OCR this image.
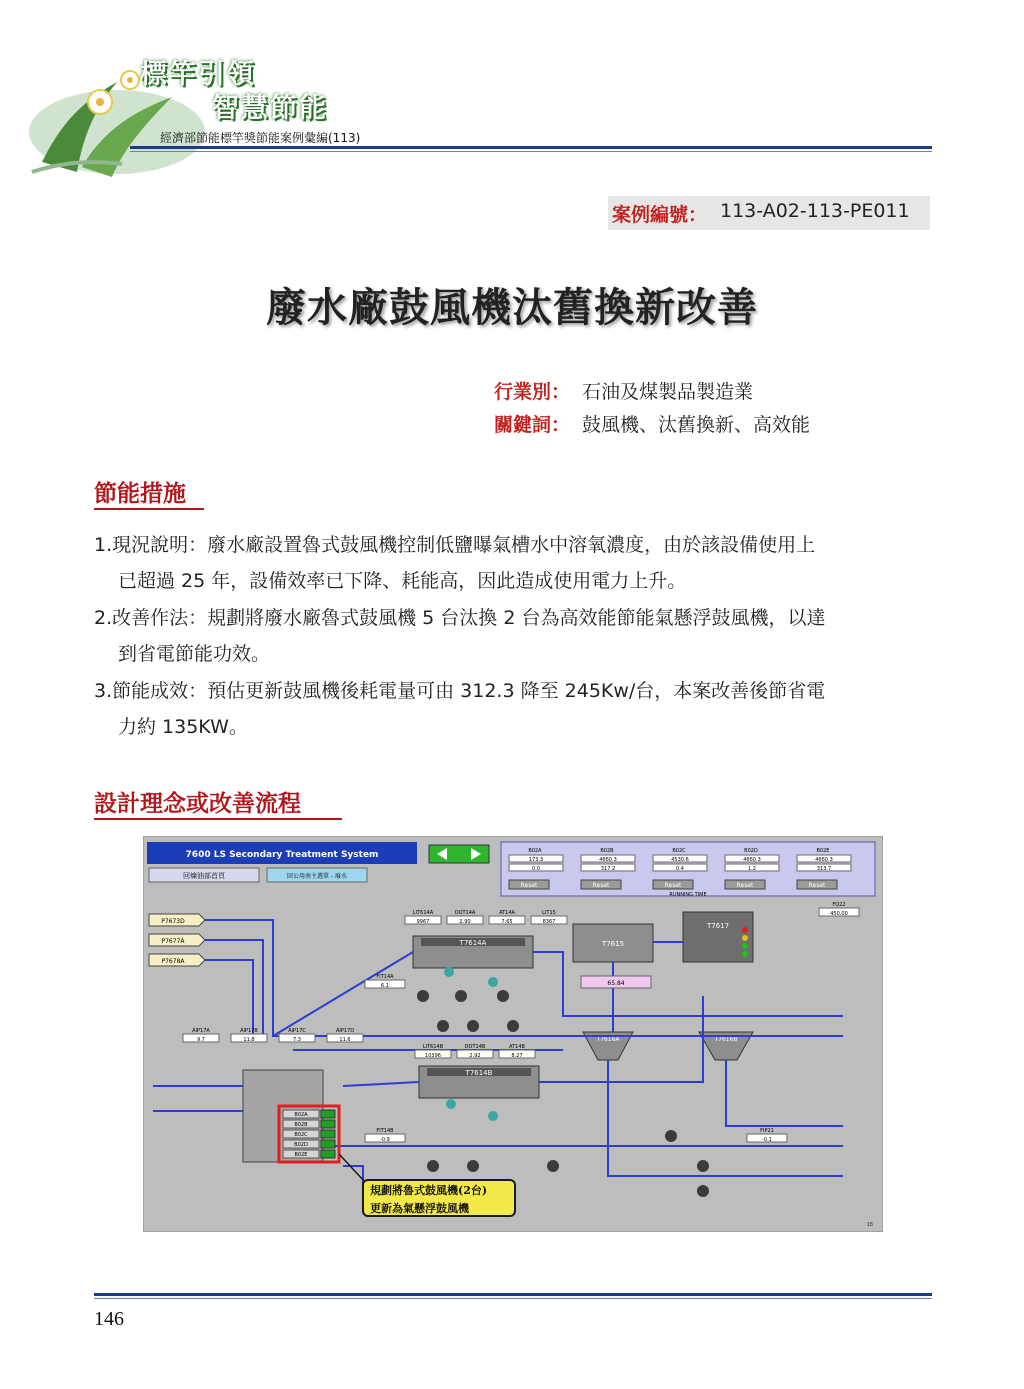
標竿引領
智慧節能
經濟部節能標竿獎節能案例彙編(113)
案例編號： 113-A02-113-PE011
廢水廠鼓風機汰舊換新改善
行業別： 石油及煤製品製造業
關鍵詞： 鼓風機、汰舊換新、高效能
節能措施
1.現況說明：廢水廠設置魯式鼓風機控制低鹽曝氣槽水中溶氧濃度，由於該設備使用上
已超過 25 年，設備效率已下降、耗能高，因此造成使用電力上升。
2.改善作法：規劃將廢水廠魯式鼓風機 5 台汰換 2 台為高效能節能氣懸浮鼓風機，以達
到省電節能功效。
3.節能成效：預估更新鼓風機後耗電量可由 312.3 降至 245Kw/台，本案改善後節省電
力約 135KW。
設計理念或改善流程
7600 LS Secondary Treatment System
回煉油部首頁	回公用南主選單 - 廢水
B02A
173.3
0.0
Reset
B02B
4660.3
317.2
Reset
B02C
4530.6
0.4
Reset
B02D
4660.3
1.2
Reset
B02E
4660.3
313.7
Reset
RUNNING TIME
P7673D
P7677A
P7678A
T7614A
T7614B
T7615
T7617
T7616A	T7616B
AIP17A
9.7
AIP17B
11.8
AIP17C
7.3
AIP17D
11.6
FIT14A
6.1
FIT14B
-0.9
FIP21
-0.1
FQ22
450.00
LIT614A
9967
DOT14A
2.90
AT14A
7.65
LIT15
8367
LIT614B
10396
DOT14B
2.92
AT14B
8.27
B02A
B02B
B02C
B02D
B02E
65.84
18
規劃將魯式鼓風機(2台)
更新為氣懸浮鼓風機
146
